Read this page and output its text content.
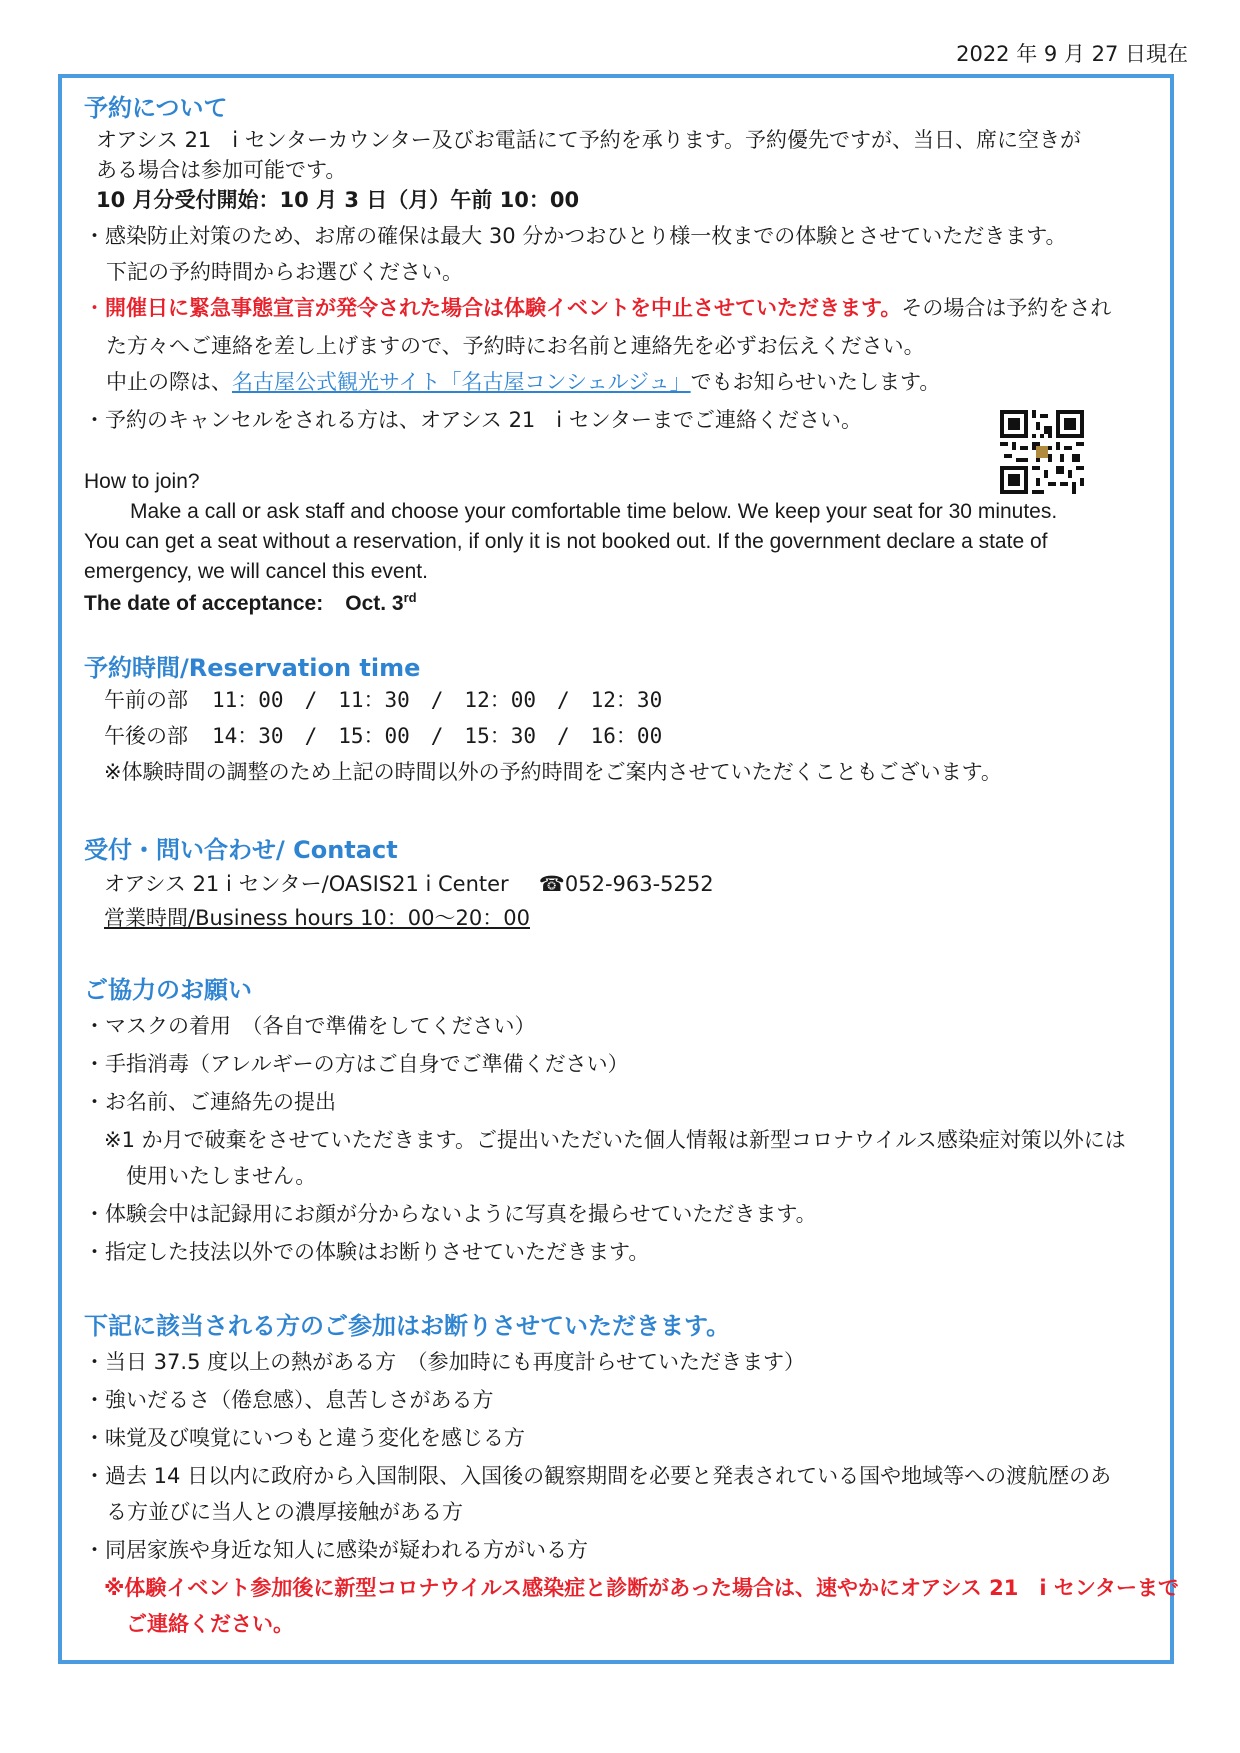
2022 年 9 月 27 日現在
予約について
オアシス 21　i センターカウンター及びお電話にて予約を承ります。予約優先ですが、当日、席に空きが
ある場合は参加可能です。
10 月分受付開始：10 月 3 日（月）午前 10：00
・感染防止対策のため、お席の確保は最大 30 分かつおひとり様一枚までの体験とさせていただきます。
下記の予約時間からお選びください。
・開催日に緊急事態宣言が発令された場合は体験イベントを中止させていただきます。その場合は予約をされ
た方々へご連絡を差し上げますので、予約時にお名前と連絡先を必ずお伝えください。
中止の際は、名古屋公式観光サイト「名古屋コンシェルジュ」でもお知らせいたします。
・予約のキャンセルをされる方は、オアシス 21　i センターまでご連絡ください。
How to join?
Make a call or ask staff and choose your comfortable time below. We keep your seat for 30 minutes.
You can get a seat without a reservation, if only it is not booked out. If the government declare a state of
emergency, we will cancel this event.
The date of acceptance: Oct. 3rd
予約時間/Reservation time
午前の部 11：00　/　11：30　/　12：00　/　12：30
午後の部 14：30　/　15：00　/　15：30　/　16：00
※体験時間の調整のため上記の時間以外の予約時間をご案内させていただくこともございます。
受付・問い合わせ/ Contact
オアシス 21 i センター/OASIS21 i Center ☎052-963-5252
営業時間/Business hours 10：00～20：00
ご協力のお願い
・マスクの着用　（各自で準備をしてください）
・手指消毒（アレルギーの方はご自身でご準備ください）
・お名前、ご連絡先の提出
※1 か月で破棄をさせていただきます。ご提出いただいた個人情報は新型コロナウイルス感染症対策以外には
使用いたしません。
・体験会中は記録用にお顔が分からないように写真を撮らせていただきます。
・指定した技法以外での体験はお断りさせていただきます。
下記に該当される方のご参加はお断りさせていただきます。
・当日 37.5 度以上の熱がある方　（参加時にも再度計らせていただきます）
・強いだるさ（倦怠感）、息苦しさがある方
・味覚及び嗅覚にいつもと違う変化を感じる方
・過去 14 日以内に政府から入国制限、入国後の観察期間を必要と発表されている国や地域等への渡航歴のあ
る方並びに当人との濃厚接触がある方
・同居家族や身近な知人に感染が疑われる方がいる方
※体験イベント参加後に新型コロナウイルス感染症と診断があった場合は、速やかにオアシス 21　i センターまで
ご連絡ください。
